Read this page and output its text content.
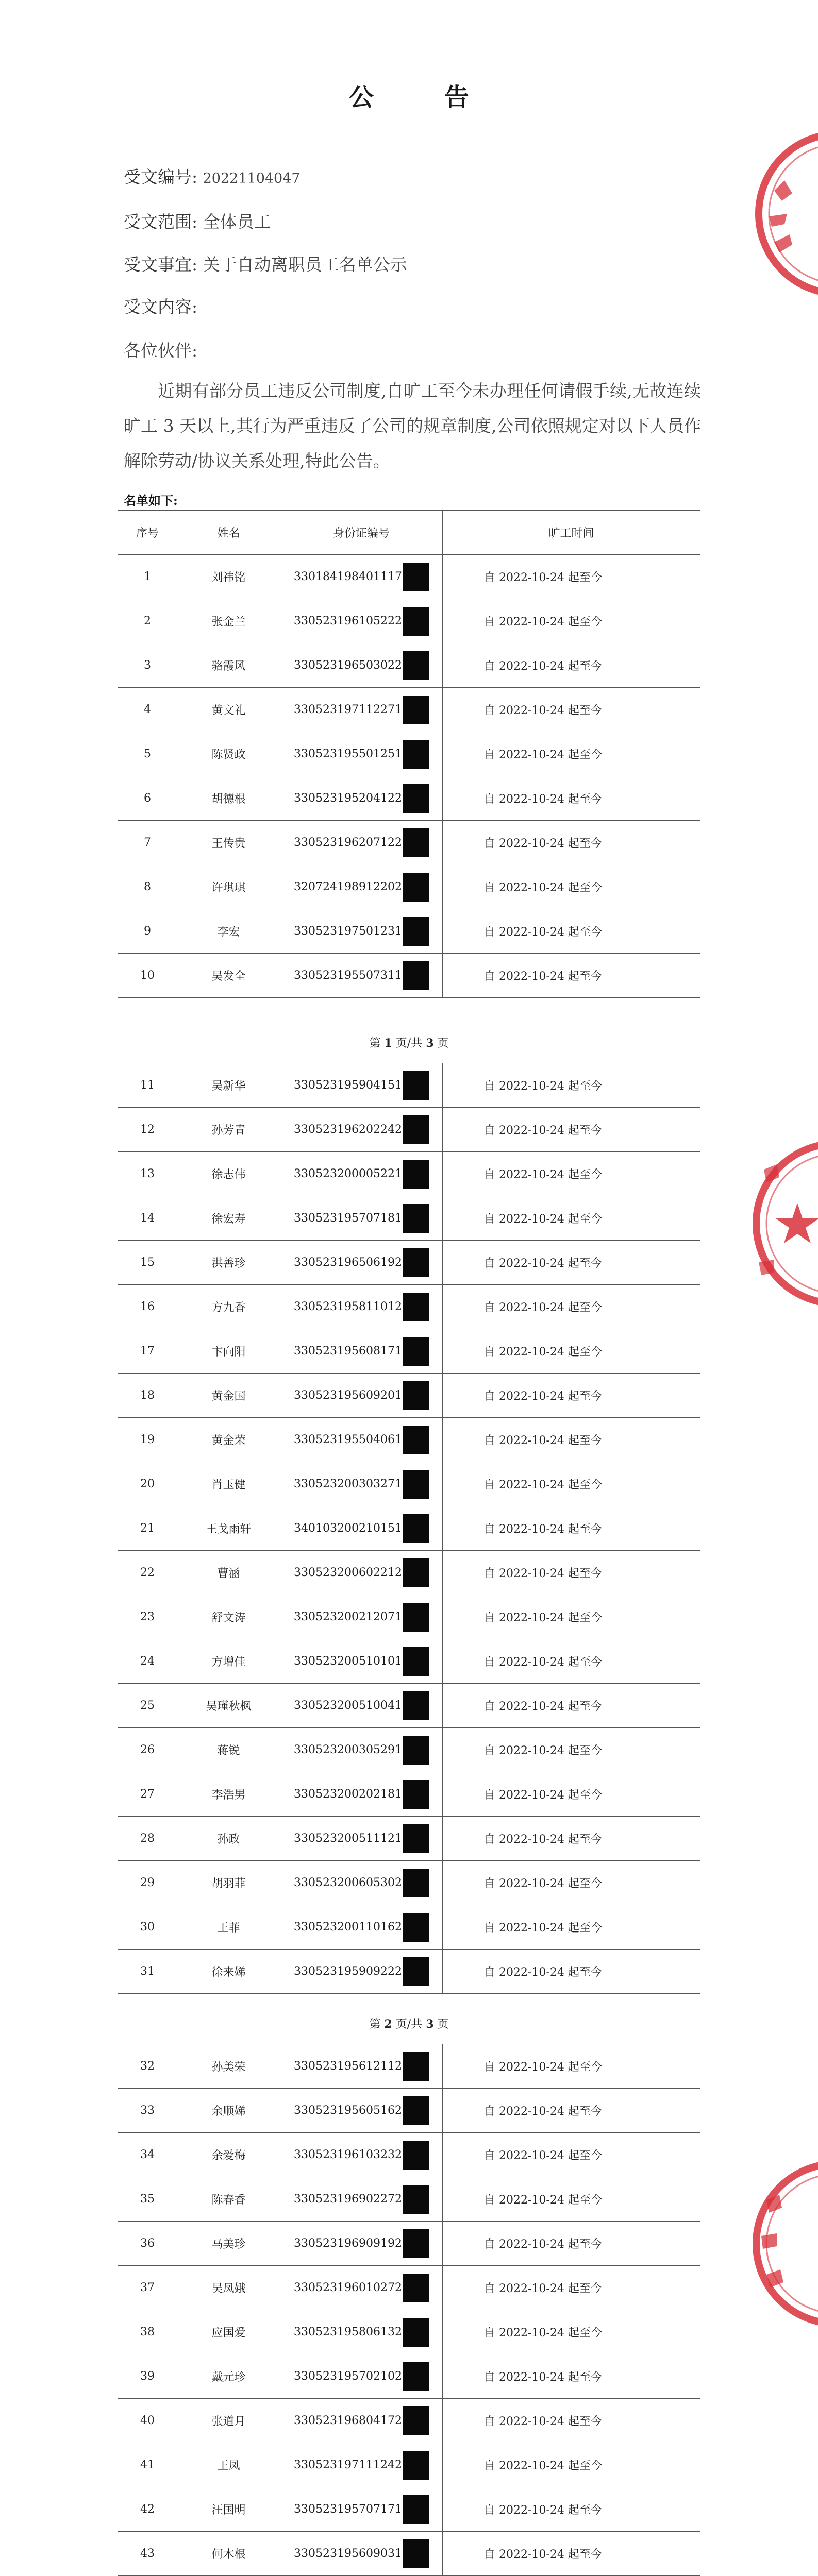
公 告
受文编号: 20221104047
受文范围: 全体员工
受文事宜: 关于自动离职员工名单公示
受文内容:
各位伙伴:
近期有部分员工违反公司制度,自旷工至今未办理任何请假手续,无故连续旷工 3 天以上,其行为严重违反了公司的规章制度,公司依照规定对以下人员作解除劳动/协议关系处理,特此公告。
名单如下:
序号	姓名	身份证编号	旷工时间
1	刘祎铭	330184198401117	自 2022-10-24 起至今
2	张金兰	330523196105222	自 2022-10-24 起至今
3	骆霞风	330523196503022	自 2022-10-24 起至今
4	黄文礼	330523197112271	自 2022-10-24 起至今
5	陈贤政	330523195501251	自 2022-10-24 起至今
6	胡德根	330523195204122	自 2022-10-24 起至今
7	王传贵	330523196207122	自 2022-10-24 起至今
8	许琪琪	320724198912202	自 2022-10-24 起至今
9	李宏	330523197501231	自 2022-10-24 起至今
10	吴发全	330523195507311	自 2022-10-24 起至今
第 1 页/共 3 页
11	吴新华	330523195904151	自 2022-10-24 起至今
12	孙芳青	330523196202242	自 2022-10-24 起至今
13	徐志伟	330523200005221	自 2022-10-24 起至今
14	徐宏寿	330523195707181	自 2022-10-24 起至今
15	洪善珍	330523196506192	自 2022-10-24 起至今
16	方九香	330523195811012	自 2022-10-24 起至今
17	卞向阳	330523195608171	自 2022-10-24 起至今
18	黄金国	330523195609201	自 2022-10-24 起至今
19	黄金荣	330523195504061	自 2022-10-24 起至今
20	肖玉健	330523200303271	自 2022-10-24 起至今
21	王戈雨轩	340103200210151	自 2022-10-24 起至今
22	曹涵	330523200602212	自 2022-10-24 起至今
23	舒文涛	330523200212071	自 2022-10-24 起至今
24	方增佳	330523200510101	自 2022-10-24 起至今
25	吴瑾秋枫	330523200510041	自 2022-10-24 起至今
26	蒋锐	330523200305291	自 2022-10-24 起至今
27	李浩男	330523200202181	自 2022-10-24 起至今
28	孙政	330523200511121	自 2022-10-24 起至今
29	胡羽菲	330523200605302	自 2022-10-24 起至今
30	王菲	330523200110162	自 2022-10-24 起至今
31	徐来娣	330523195909222	自 2022-10-24 起至今
第 2 页/共 3 页
32	孙美荣	330523195612112	自 2022-10-24 起至今
33	余顺娣	330523195605162	自 2022-10-24 起至今
34	余爱梅	330523196103232	自 2022-10-24 起至今
35	陈春香	330523196902272	自 2022-10-24 起至今
36	马美珍	330523196909192	自 2022-10-24 起至今
37	吴凤娥	330523196010272	自 2022-10-24 起至今
38	应国爱	330523195806132	自 2022-10-24 起至今
39	戴元珍	330523195702102	自 2022-10-24 起至今
40	张道月	330523196804172	自 2022-10-24 起至今
41	王凤	330523197111242	自 2022-10-24 起至今
42	汪国明	330523195707171	自 2022-10-24 起至今
43	何木根	330523195609031	自 2022-10-24 起至今
